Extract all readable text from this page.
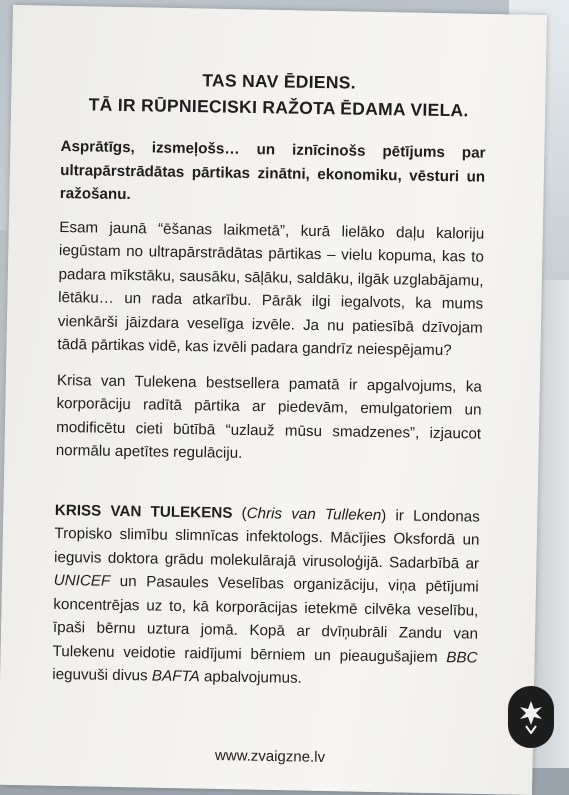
TAS NAV ĒDIENS.
TĀ IR RŪPNIECISKI RAŽOTA ĒDAMA VIELA.

Asprātīgs, izsmeļošs… un iznīcinošs pētījums par ultrapārstrādātas pārtikas zinātni, ekonomiku, vēsturi un ražošanu.

Esam jaunā “ēšanas laikmetā”, kurā lielāko daļu kaloriju iegūstam no ultrapārstrādātas pārtikas – vielu kopuma, kas to padara mīkstāku, sausāku, sāļāku, saldāku, ilgāk uzglabājamu, lētāku… un rada atkarību. Pārāk ilgi iegalvots, ka mums vienkārši jāizdara veselīga izvēle. Ja nu patiesībā dzīvojam tādā pārtikas vidē, kas izvēli padara gandrīz neiespējamu?

Krisa van Tulekena bestsellera pamatā ir apgalvojums, ka korporāciju radītā pārtika ar piedevām, emulgatoriem un modificētu cieti būtībā “uzlauž mūsu smadzenes”, izjaucot normālu apetītes regulāciju.

KRISS VAN TULEKENS (Chris van Tulleken) ir Londonas Tropisko slimību slimnīcas infektologs. Mācījies Oksfordā un ieguvis doktora grādu molekulārajā virusoloģijā. Sadarbībā ar UNICEF un Pasaules Veselības organizāciju, viņa pētījumi koncentrējas uz to, kā korporācijas ietekmē cilvēka veselību, īpaši bērnu uztura jomā. Kopā ar dvīņubrāli Zandu van Tulekenu veidotie raidījumi bērniem un pieaugušajiem BBC ieguvuši divus BAFTA apbalvojumus.

www.zvaigzne.lv
